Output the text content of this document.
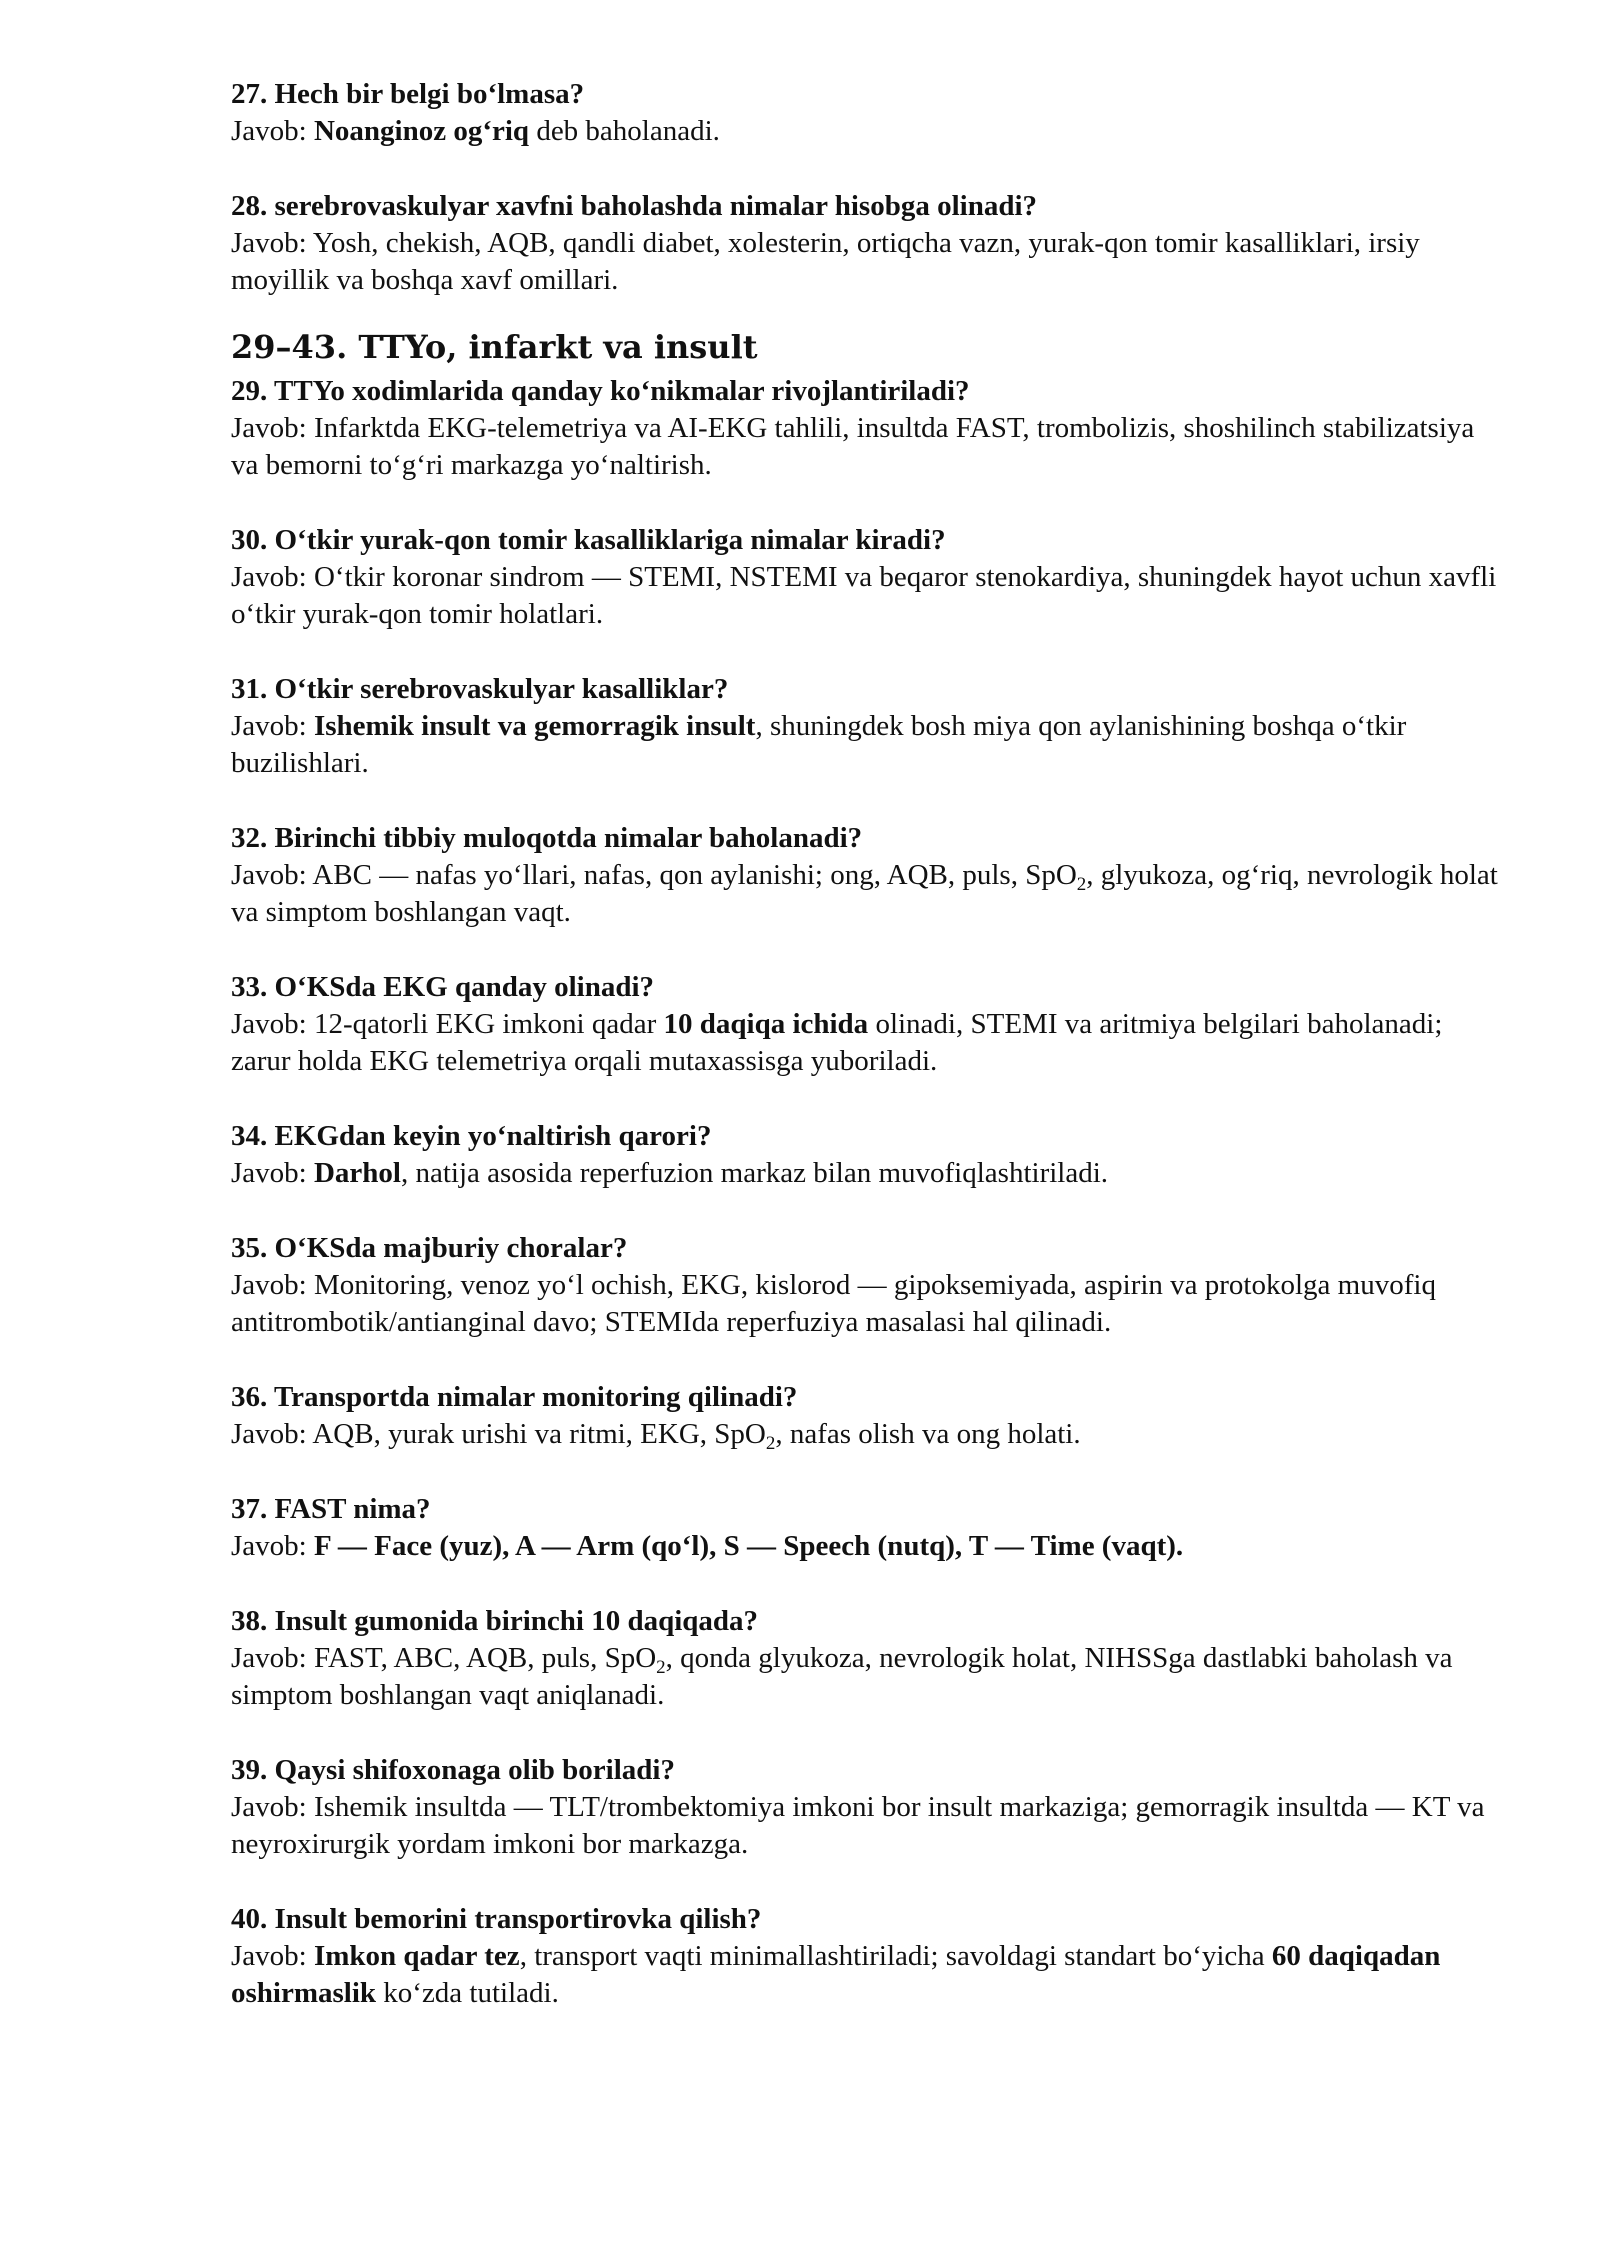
27. Hech bir belgi boʻlmasa?

Javob: Noanginoz ogʻriq deb baholanadi.

28. serebrovaskulyar xavfni baholashda nimalar hisobga olinadi?

Javob: Yosh, chekish, AQB, qandli diabet, xolesterin, ortiqcha vazn, yurak-qon tomir kasalliklari, irsiy moyillik va boshqa xavf omillari.

29–43. TTYo, infarkt va insult

29. TTYo xodimlarida qanday koʻnikmalar rivojlantiriladi?

Javob: Infarktda EKG-telemetriya va AI-EKG tahlili, insultda FAST, trombolizis, shoshilinch stabilizatsiya va bemorni toʻgʻri markazga yoʻnaltirish.

30. Oʻtkir yurak-qon tomir kasalliklariga nimalar kiradi?

Javob: Oʻtkir koronar sindrom — STEMI, NSTEMI va beqaror stenokardiya, shuningdek hayot uchun xavfli oʻtkir yurak-qon tomir holatlari.

31. Oʻtkir serebrovaskulyar kasalliklar?

Javob: Ishemik insult va gemorragik insult, shuningdek bosh miya qon aylanishining boshqa oʻtkir buzilishlari.

32. Birinchi tibbiy muloqotda nimalar baholanadi?

Javob: ABC — nafas yoʻllari, nafas, qon aylanishi; ong, AQB, puls, SpO$_2$, glyukoza, ogʻriq, nevrologik holat va simptom boshlangan vaqt.

33. OʻKSda EKG qanday olinadi?

Javob: 12-qatorli EKG imkoni qadar 10 daqiqa ichida olinadi, STEMI va aritmiya belgilari baholanadi; zarur holda EKG telemetriya orqali mutaxassisga yuboriladi.

34. EKGdan keyin yoʻnaltirish qarori?

Javob: Darhol, natija asosida reperfuzion markaz bilan muvofiqlashtiriladi.

35. OʻKSda majburiy choralar?

Javob: Monitoring, venoz yoʻl ochish, EKG, kislorod — gipoksemiyada, aspirin va protokolga muvofiq antitrombotik/antianginal davo; STEMIda reperfuziya masalasi hal qilinadi.

36. Transportda nimalar monitoring qilinadi?

Javob: AQB, yurak urishi va ritmi, EKG, SpO$_2$, nafas olish va ong holati.

37. FAST nima?

Javob: F — Face (yuz), A — Arm (qoʻl), S — Speech (nutq), T — Time (vaqt).

38. Insult gumonida birinchi 10 daqiqada?

Javob: FAST, ABC, AQB, puls, SpO$_2$, qonda glyukoza, nevrologik holat, NIHSSga dastlabki baholash va simptom boshlangan vaqt aniqlanadi.

39. Qaysi shifoxonaga olib boriladi?

Javob: Ishemik insultda — TLT/trombektomiya imkoni bor insult markaziga; gemorragik insultda — KT va neyroxirurgik yordam imkoni bor markazga.

40. Insult bemorini transportirovka qilish?

Javob: Imkon qadar tez, transport vaqti minimallashtiriladi; savoldagi standart boʻyicha 60 daqiqadan oshirmaslik koʻzda tutiladi.
